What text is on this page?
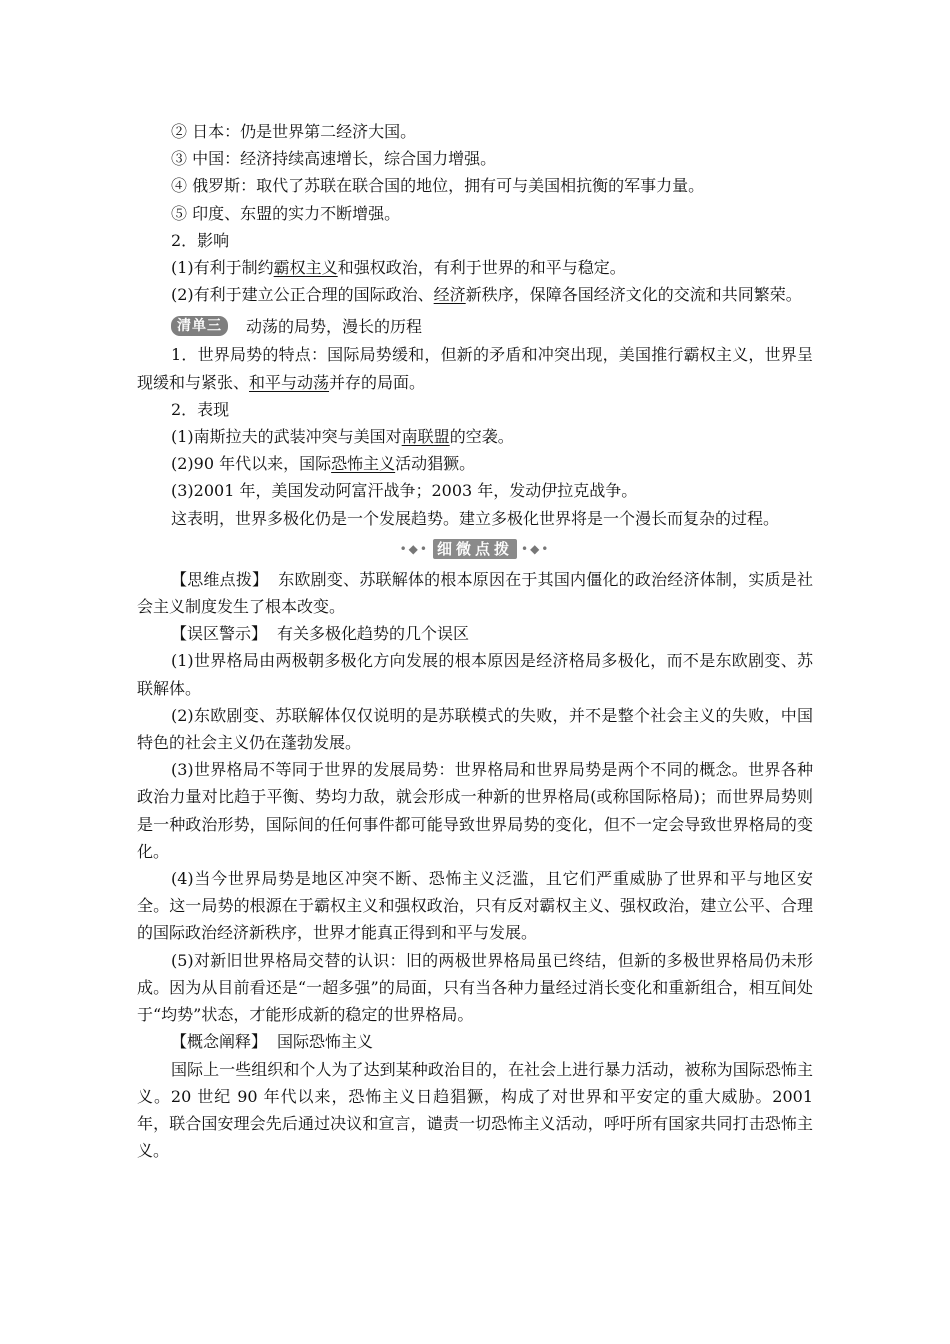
② 日本：仍是世界第二经济大国。
③ 中国：经济持续高速增长，综合国力增强。
④ 俄罗斯：取代了苏联在联合国的地位，拥有可与美国相抗衡的军事力量。
⑤ 印度、东盟的实力不断增强。
2．影响
(1)有利于制约霸权主义和强权政治，有利于世界的和平与稳定。
(2)有利于建立公正合理的国际政治、经济新秩序，保障各国经济文化的交流和共同繁荣。
清单三	动荡的局势，漫长的历程
1．世界局势的特点：国际局势缓和，但新的矛盾和冲突出现，美国推行霸权主义，世界呈现缓和与紧张、和平与动荡并存的局面。
2．表现
(1)南斯拉夫的武装冲突与美国对南联盟的空袭。
(2)90 年代以来，国际恐怖主义活动猖獗。
(3)2001 年，美国发动阿富汗战争；2003 年，发动伊拉克战争。
这表明，世界多极化仍是一个发展趋势。建立多极化世界将是一个漫长而复杂的过程。
•◆• 细微点拨 •◆•
【思维点拨】 东欧剧变、苏联解体的根本原因在于其国内僵化的政治经济体制，实质是社会主义制度发生了根本改变。
【误区警示】 有关多极化趋势的几个误区
(1)世界格局由两极朝多极化方向发展的根本原因是经济格局多极化，而不是东欧剧变、苏联解体。
(2)东欧剧变、苏联解体仅仅说明的是苏联模式的失败，并不是整个社会主义的失败，中国特色的社会主义仍在蓬勃发展。
(3)世界格局不等同于世界的发展局势：世界格局和世界局势是两个不同的概念。世界各种政治力量对比趋于平衡、势均力敌，就会形成一种新的世界格局(或称国际格局)；而世界局势则是一种政治形势，国际间的任何事件都可能导致世界局势的变化，但不一定会导致世界格局的变化。
(4)当今世界局势是地区冲突不断、恐怖主义泛滥，且它们严重威胁了世界和平与地区安全。这一局势的根源在于霸权主义和强权政治，只有反对霸权主义、强权政治，建立公平、合理的国际政治经济新秩序，世界才能真正得到和平与发展。
(5)对新旧世界格局交替的认识：旧的两极世界格局虽已终结，但新的多极世界格局仍未形成。因为从目前看还是“一超多强”的局面，只有当各种力量经过消长变化和重新组合，相互间处于“均势”状态，才能形成新的稳定的世界格局。
【概念阐释】 国际恐怖主义
国际上一些组织和个人为了达到某种政治目的，在社会上进行暴力活动，被称为国际恐怖主义。20 世纪 90 年代以来，恐怖主义日趋猖獗，构成了对世界和平安定的重大威胁。2001 年，联合国安理会先后通过决议和宣言，谴责一切恐怖主义活动，呼吁所有国家共同打击恐怖主义。
